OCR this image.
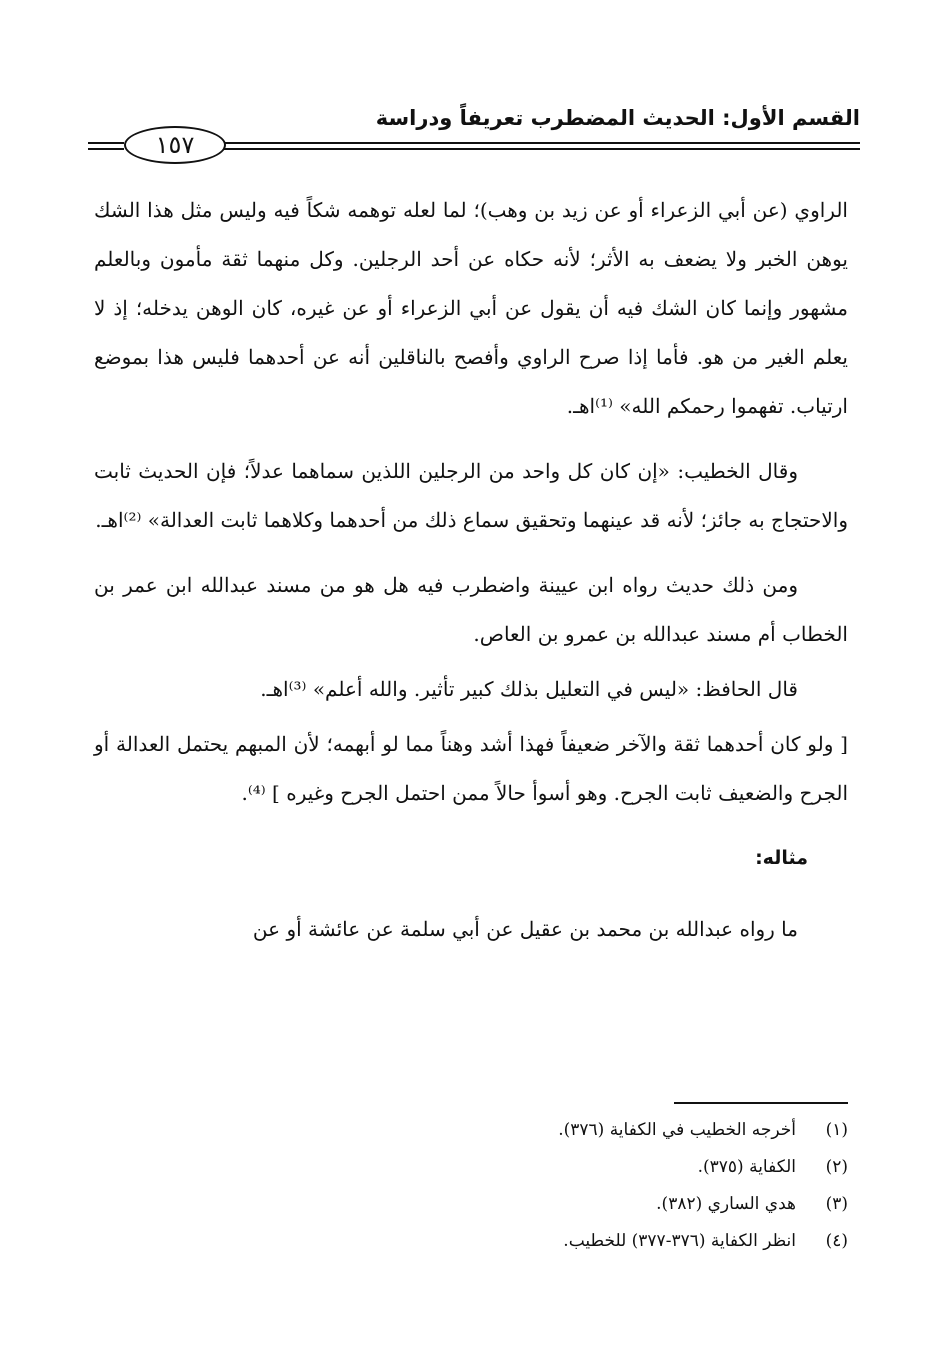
القسم الأول: الحديث المضطرب تعريفاً ودراسة
١٥٧

الراوي (عن أبي الزعراء أو عن زيد بن وهب)؛ لما لعله توهمه شكاً فيه وليس مثل هذا الشك يوهن الخبر ولا يضعف به الأثر؛ لأنه حكاه عن أحد الرجلين. وكل منهما ثقة مأمون وبالعلم مشهور وإنما كان الشك فيه أن يقول عن أبي الزعراء أو عن غيره، كان الوهن يدخله؛ إذ لا يعلم الغير من هو. فأما إذا صرح الراوي وأفصح بالناقلين أنه عن أحدهما فليس هذا بموضع ارتياب. تفهموا رحمكم الله» ⁽¹⁾اهـ.

وقال الخطيب: «إن كان كل واحد من الرجلين اللذين سماهما عدلاً؛ فإن الحديث ثابت والاحتجاج به جائز؛ لأنه قد عينهما وتحقيق سماع ذلك من أحدهما وكلاهما ثابت العدالة» ⁽²⁾اهـ.

ومن ذلك حديث رواه ابن عيينة واضطرب فيه هل هو من مسند عبدالله ابن عمر بن الخطاب أم مسند عبدالله بن عمرو بن العاص.

قال الحافظ: «ليس في التعليل بذلك كبير تأثير. والله أعلم» ⁽³⁾اهـ.

[ ولو كان أحدهما ثقة والآخر ضعيفاً فهذا أشد وهناً مما لو أبهمه؛ لأن المبهم يحتمل العدالة أو الجرح والضعيف ثابت الجرح. وهو أسوأ حالاً ممن احتمل الجرح وغيره ] ⁽⁴⁾.

مثاله:

ما رواه عبدالله بن محمد بن عقيل عن أبي سلمة عن عائشة أو عن

(١)
أخرجه الخطيب في الكفاية (٣٧٦).
(٢)
الكفاية (٣٧٥).
(٣)
هدي الساري (٣٨٢).
(٤)
انظر الكفاية (٣٧٦-٣٧٧) للخطيب.
